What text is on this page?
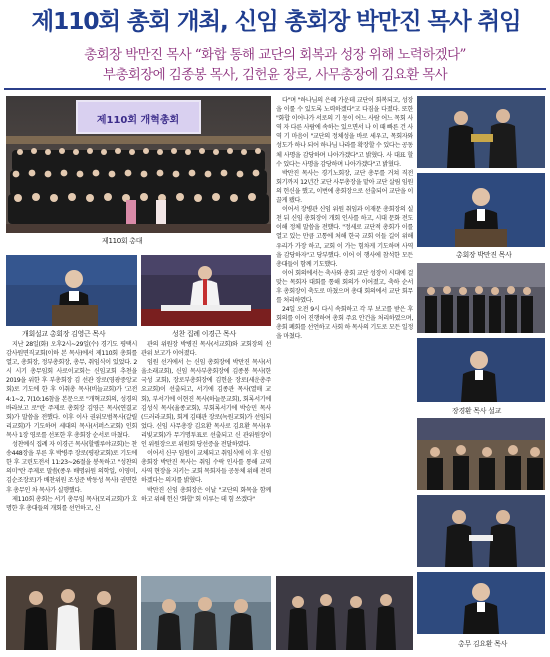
제110회 총회 개최, 신임 총회장 박만진 목사 취임
총회장 박만진 목사 “화합 통해 교단의 회복과 성장 위해 노력하겠다”
부총회장에 김종봉 목사, 김헌윤 장로, 사무총장에 김요환 목사
제110회 개혁총회
제110회 총대
개회설교 총회장 김영근 목사	성찬 집례 이경근 목사

지난 28일(화) 오후2시~29일(수) 경기도 평택시 감사원면직교회(이하 본 목사)에서 제110회 총회를 열고, 총회장, 정부총회장, 총무, 취임식이 있었다. 2시 시기 총무임회 사로이교회는 신임교회 추천을 2019을 위한 후 부총회장 김 선관 장로(영광중앙교회)로 기도에 한 후 이취총 목사(비늘교회)가 '고전4:1~2, 7(10:16참을 본문으로 "개혁교회의, 성경의 바라보고 로"란 주제로 총회장 김영근 목사(연결교회)가 말씀을 전했다. 이후 이사 권위모범목사(갈릴리교회)가 기도하며 세대의 목사(서퍼스교회) 인회 목사 1장 영로를 선포한 후 총회장 순서로 마쳤다.

성찬예식 집례 자 이경근 목사(할렐루야교회)는 찬송448장을 부른 후 박병주 장로(평광교회)로 기도에 한 후 고린도전서 11:23~26절을 봉독하고 "성찬의 의미"란 주제로 말씀(종우 배명위원 의학일, 이영미, 김순조장로)가 배찬위원 조성준 박동성 목사) 권면한 후 총무인 차 목사가 실행했다.

제110회 총회는 서기 총무임 목사(모리교회)가 호명한 후 총대들의 개회를 선언하고, 신

관의 위원장 박병진 목사(서교회)와 교회장의 선관위 보고가 이어졌다.

임원 선거에서 는 신임 총회장에 박만진 목사(서울소래교회), 신임 목사부총회장에 김종봉 목사(한국성 교회), 장로부총회장에 김헌윤 장로(세운총주요교회)이 선출되고, 서기에 김종관 목사(열매 교회), 부서기에 이현진 목사(하늘문교회), 회록서기에 김성식 목사(율종교회), 부회록서기에 박승민 목사(드러라교회), 회계 김태관 장로(녹원교회)가 선임되었다. 신임 사무총장 김요환 목사로 김요환 목사(우리빛교회)가 무기명투표로 선출되고 신 관위원장이 인 위원장으로 위원회 당선증을 전달하였다.

이어서 신구 임원이 교체되고 취임식에 이 후 신임 총회장 박만진 목사는 취임 수락 인사를 통해 교역 사역 현장을 지키는 교회 목회자들 공동체 위해 전력하겠다는 의지를 밝혔다.

박만진 신임 총회장은 이날 "교단의 화목을 함께 하고 위해 헌신 '화합' 회 이루는 데 힘 쓰겠다"

다"며 "하나님의 은혜 가운데 교단이 회복되고, 성장을 이룰 수 있도록 노력하겠다"고 다짐을 다졌다. 또한 "화합 이어나가 서로의 기 동이 어느 사람 어느 목회 사역 자 다른 사람에 속하는 있으면서 나 이 때 빠른 건 사역 기 마음이 "교단의 정체성을 바로 세우고, 목회자와 성도가 하나 되어 하나님 나라를 확장할 수 있다는 공동체 사명을 감당하며 나아가겠다"고 밝혔다. 사 대표 할 수 있다는 사명을 감당하며 나아가겠다"고 밝혔다.

박만진 목사는 경기노회장, 교단 총무를 거쳐 직전 회기까지 12년간 교단 사무총장을 맡아 교단 살림 임원의 헌신을 했고, 이번에 총회장으로 선출되어 교단을 이끌게 됐다.

이어서 장병관 신임 위원 취임과 이재문 총회장의 실천 뒤 신임 총회장이 개회 인사를 하고, 시대 문화 전도 이해 정체 말씀을 전했다. "정세로 교단적 총회가 이를 열고 있는 만큼 고통에 처해 한국 교회 이들 길이 위해 우리가 가장 하고, 교회 이 가는 힘차게 기도하며 사역을 감당하자"고 당부했다. 이어 이 행사에 참석한 모든 총대들이 함께 기도했다.

이어 회의에서는 축사와 총회 교단 성장이 시대에 걸맞는 목회자 대회를 통해 회의가 이어졌고, 축하 순서 후 총회장이 축도로 마쳤으며 총대 회의에서 교단 회무를 처리하였다.

24일 오전 9시 다시 속회하고 각 부 보고를 받은 후 회의를 이어 진행하여 총회 주요 안건을 처리하였으며, 총회 폐회를 선언하고 사회 하 목사의 기도로 모든 일정을 마쳤다.

총회장 박만진 목사
장경환 목사 설교
총무 김요환 목사
